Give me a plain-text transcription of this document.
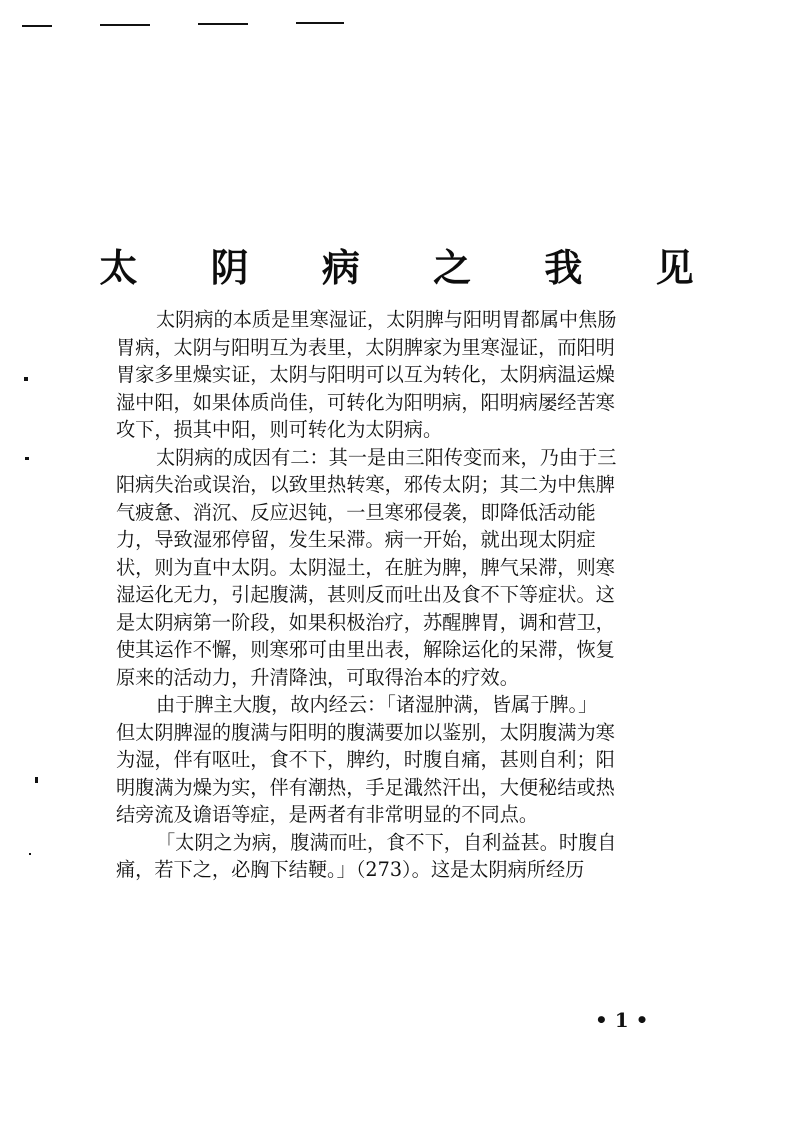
太 阴 病 之 我 见

太阴病的本质是里寒湿证，太阴脾与阳明胃都属中焦肠
胃病，太阴与阳明互为表里，太阴脾家为里寒湿证，而阳明
胃家多里燥实证，太阴与阳明可以互为转化，太阴病温运燥
湿中阳，如果体质尚佳，可转化为阳明病，阳明病屡经苦寒
攻下，损其中阳，则可转化为太阴病。

太阴病的成因有二：其一是由三阳传变而来，乃由于三
阳病失治或误治，以致里热转寒，邪传太阴；其二为中焦脾
气疲惫、消沉、反应迟钝，一旦寒邪侵袭，即降低活动能
力，导致湿邪停留，发生呆滞。病一开始，就出现太阴症
状，则为直中太阴。太阴湿土，在脏为脾，脾气呆滞，则寒
湿运化无力，引起腹满，甚则反而吐出及食不下等症状。这
是太阴病第一阶段，如果积极治疗，苏醒脾胃，调和营卫，
使其运作不懈，则寒邪可由里出表，解除运化的呆滞，恢复
原来的活动力，升清降浊，可取得治本的疗效。

由于脾主大腹，故内经云：「诸湿肿满，皆属于脾。」
但太阴脾湿的腹满与阳明的腹满要加以鉴别，太阴腹满为寒
为湿，伴有呕吐，食不下，脾约，时腹自痛，甚则自利；阳
明腹满为燥为实，伴有潮热，手足濈然汗出，大便秘结或热
结旁流及谵语等症，是两者有非常明显的不同点。

「太阴之为病，腹满而吐，食不下，自利益甚。时腹自
痛，若下之，必胸下结鞕。」（273）。这是太阴病所经历

• 1 •
